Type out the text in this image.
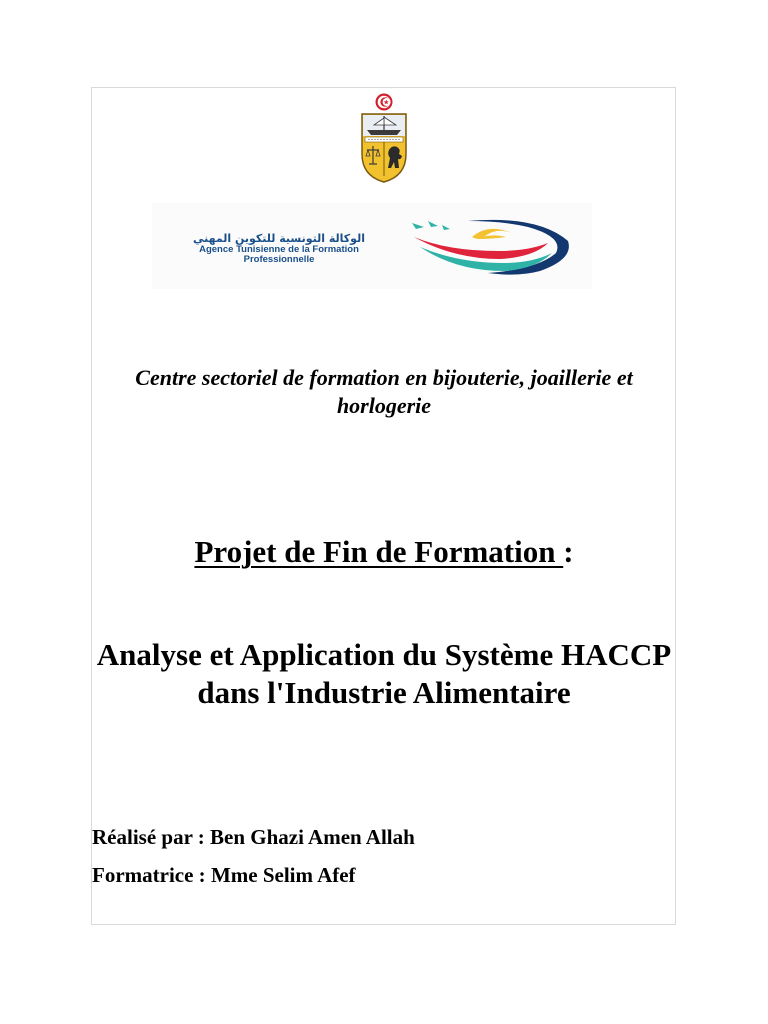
الوكالة التونسية للتكوين المهني
Agence Tunisienne de la Formation
Professionnelle
Centre sectoriel de formation en bijouterie, joaillerie et horlogerie
Projet de Fin de Formation :
Analyse et Application du Système HACCP dans l'Industrie Alimentaire
Réalisé par : Ben Ghazi Amen Allah
Formatrice : Mme Selim Afef
